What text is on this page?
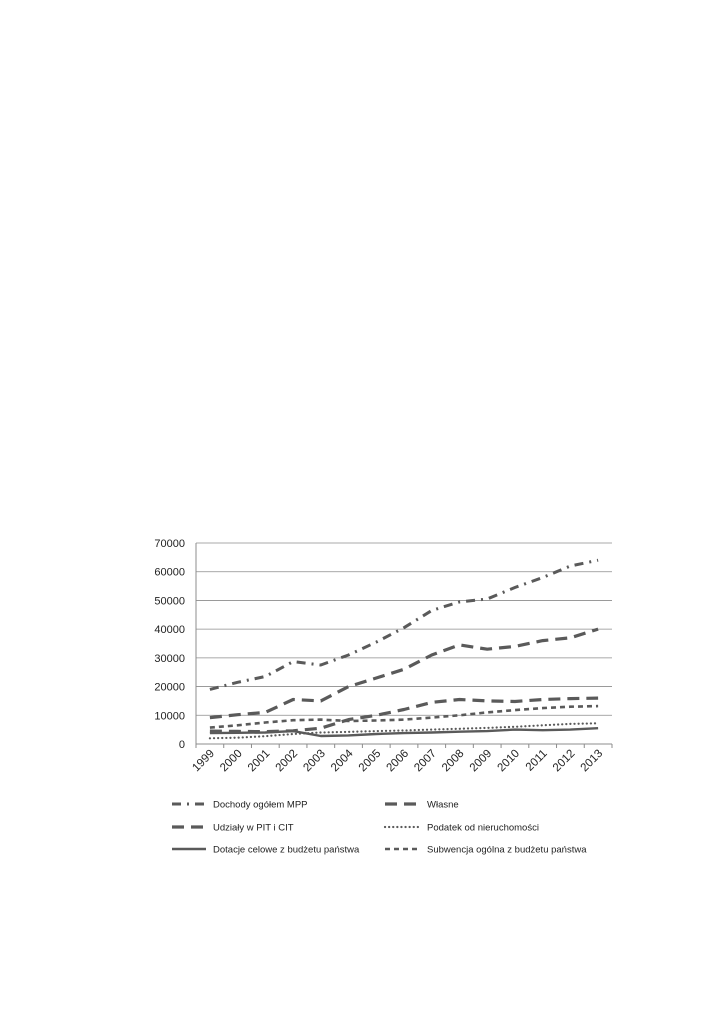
0
10000
20000
30000
40000
50000
60000
70000
1999 2000 2001 2002 2003 2004 2005 2006 2007 2008 2009 2010 2011 2012 2013
Dochody ogółem MPP	Własne
Udziały w PIT i CIT	Podatek od nieruchomości
Dotacje celowe z budżetu państwa	Subwencja ogólna z budżetu państwa
